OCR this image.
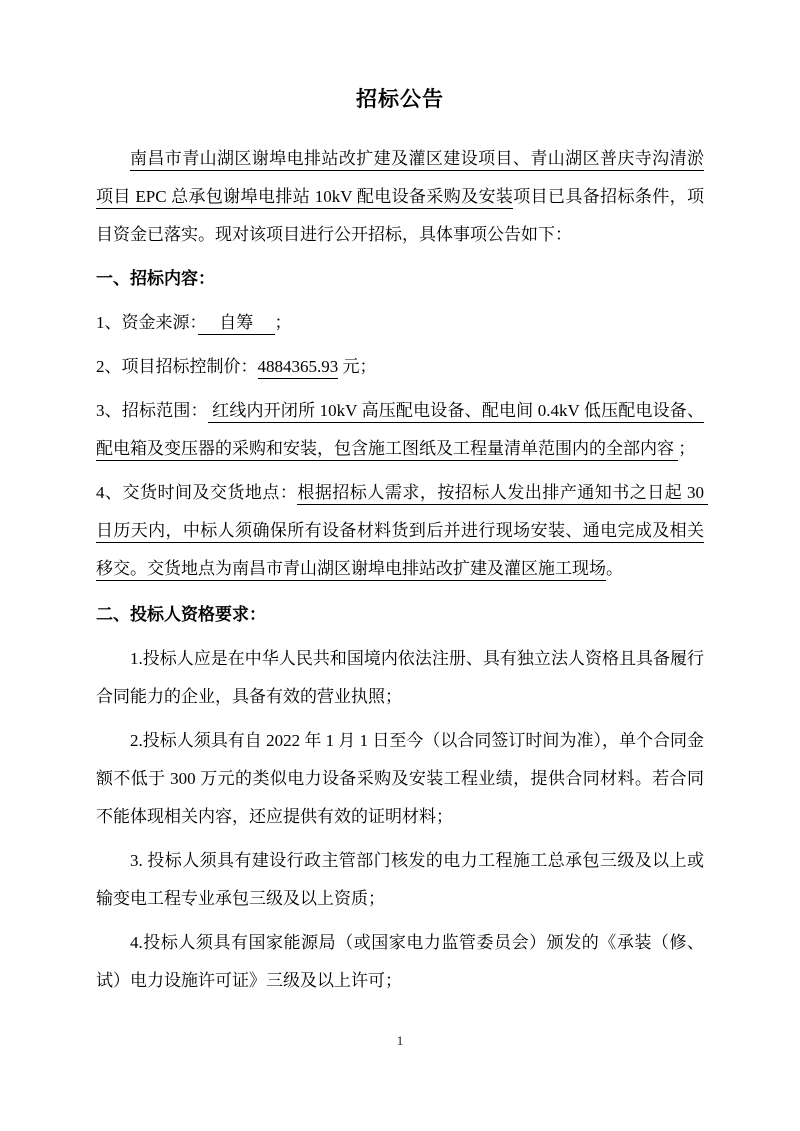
招标公告

南昌市青山湖区谢埠电排站改扩建及灌区建设项目、青山湖区普庆寺沟清淤项目 EPC 总承包谢埠电排站 10kV 配电设备采购及安装项目已具备招标条件，项目资金已落实。现对该项目进行公开招标，具体事项公告如下：

一、招标内容：

1、资金来源：　 自筹 　；

2、项目招标控制价：4884365.93 元；

3、招标范围： 红线内开闭所 10kV 高压配电设备、配电间 0.4kV 低压配电设备、配电箱及变压器的采购和安装，包含施工图纸及工程量清单范围内的全部内容 ；

4、交货时间及交货地点：根据招标人需求，按招标人发出排产通知书之日起 30 日历天内，中标人须确保所有设备材料货到后并进行现场安装、通电完成及相关移交。交货地点为南昌市青山湖区谢埠电排站改扩建及灌区施工现场。

二、投标人资格要求：

1.投标人应是在中华人民共和国境内依法注册、具有独立法人资格且具备履行合同能力的企业，具备有效的营业执照；

2.投标人须具有自 2022 年 1 月 1 日至今（以合同签订时间为准），单个合同金额不低于 300 万元的类似电力设备采购及安装工程业绩，提供合同材料。若合同不能体现相关内容，还应提供有效的证明材料；

3. 投标人须具有建设行政主管部门核发的电力工程施工总承包三级及以上或输变电工程专业承包三级及以上资质；

4.投标人须具有国家能源局（或国家电力监管委员会）颁发的《承装（修、试）电力设施许可证》三级及以上许可；

1
